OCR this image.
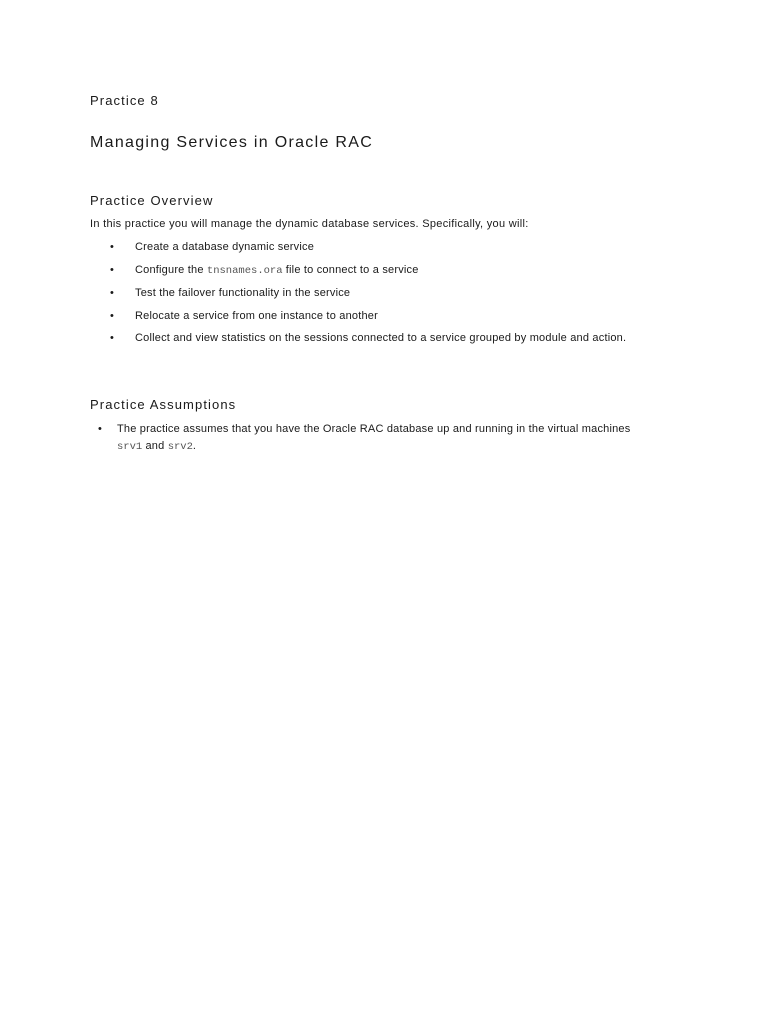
Practice 8
Managing Services in Oracle RAC
Practice Overview

In this practice you will manage the dynamic database services. Specifically, you will:

• Create a database dynamic service
• Configure the tnsnames.ora file to connect to a service
• Test the failover functionality in the service
• Relocate a service from one instance to another
• Collect and view statistics on the sessions connected to a service grouped by module and action.
Practice Assumptions
• The practice assumes that you have the Oracle RAC database up and running in the virtual machines srv1 and srv2.
